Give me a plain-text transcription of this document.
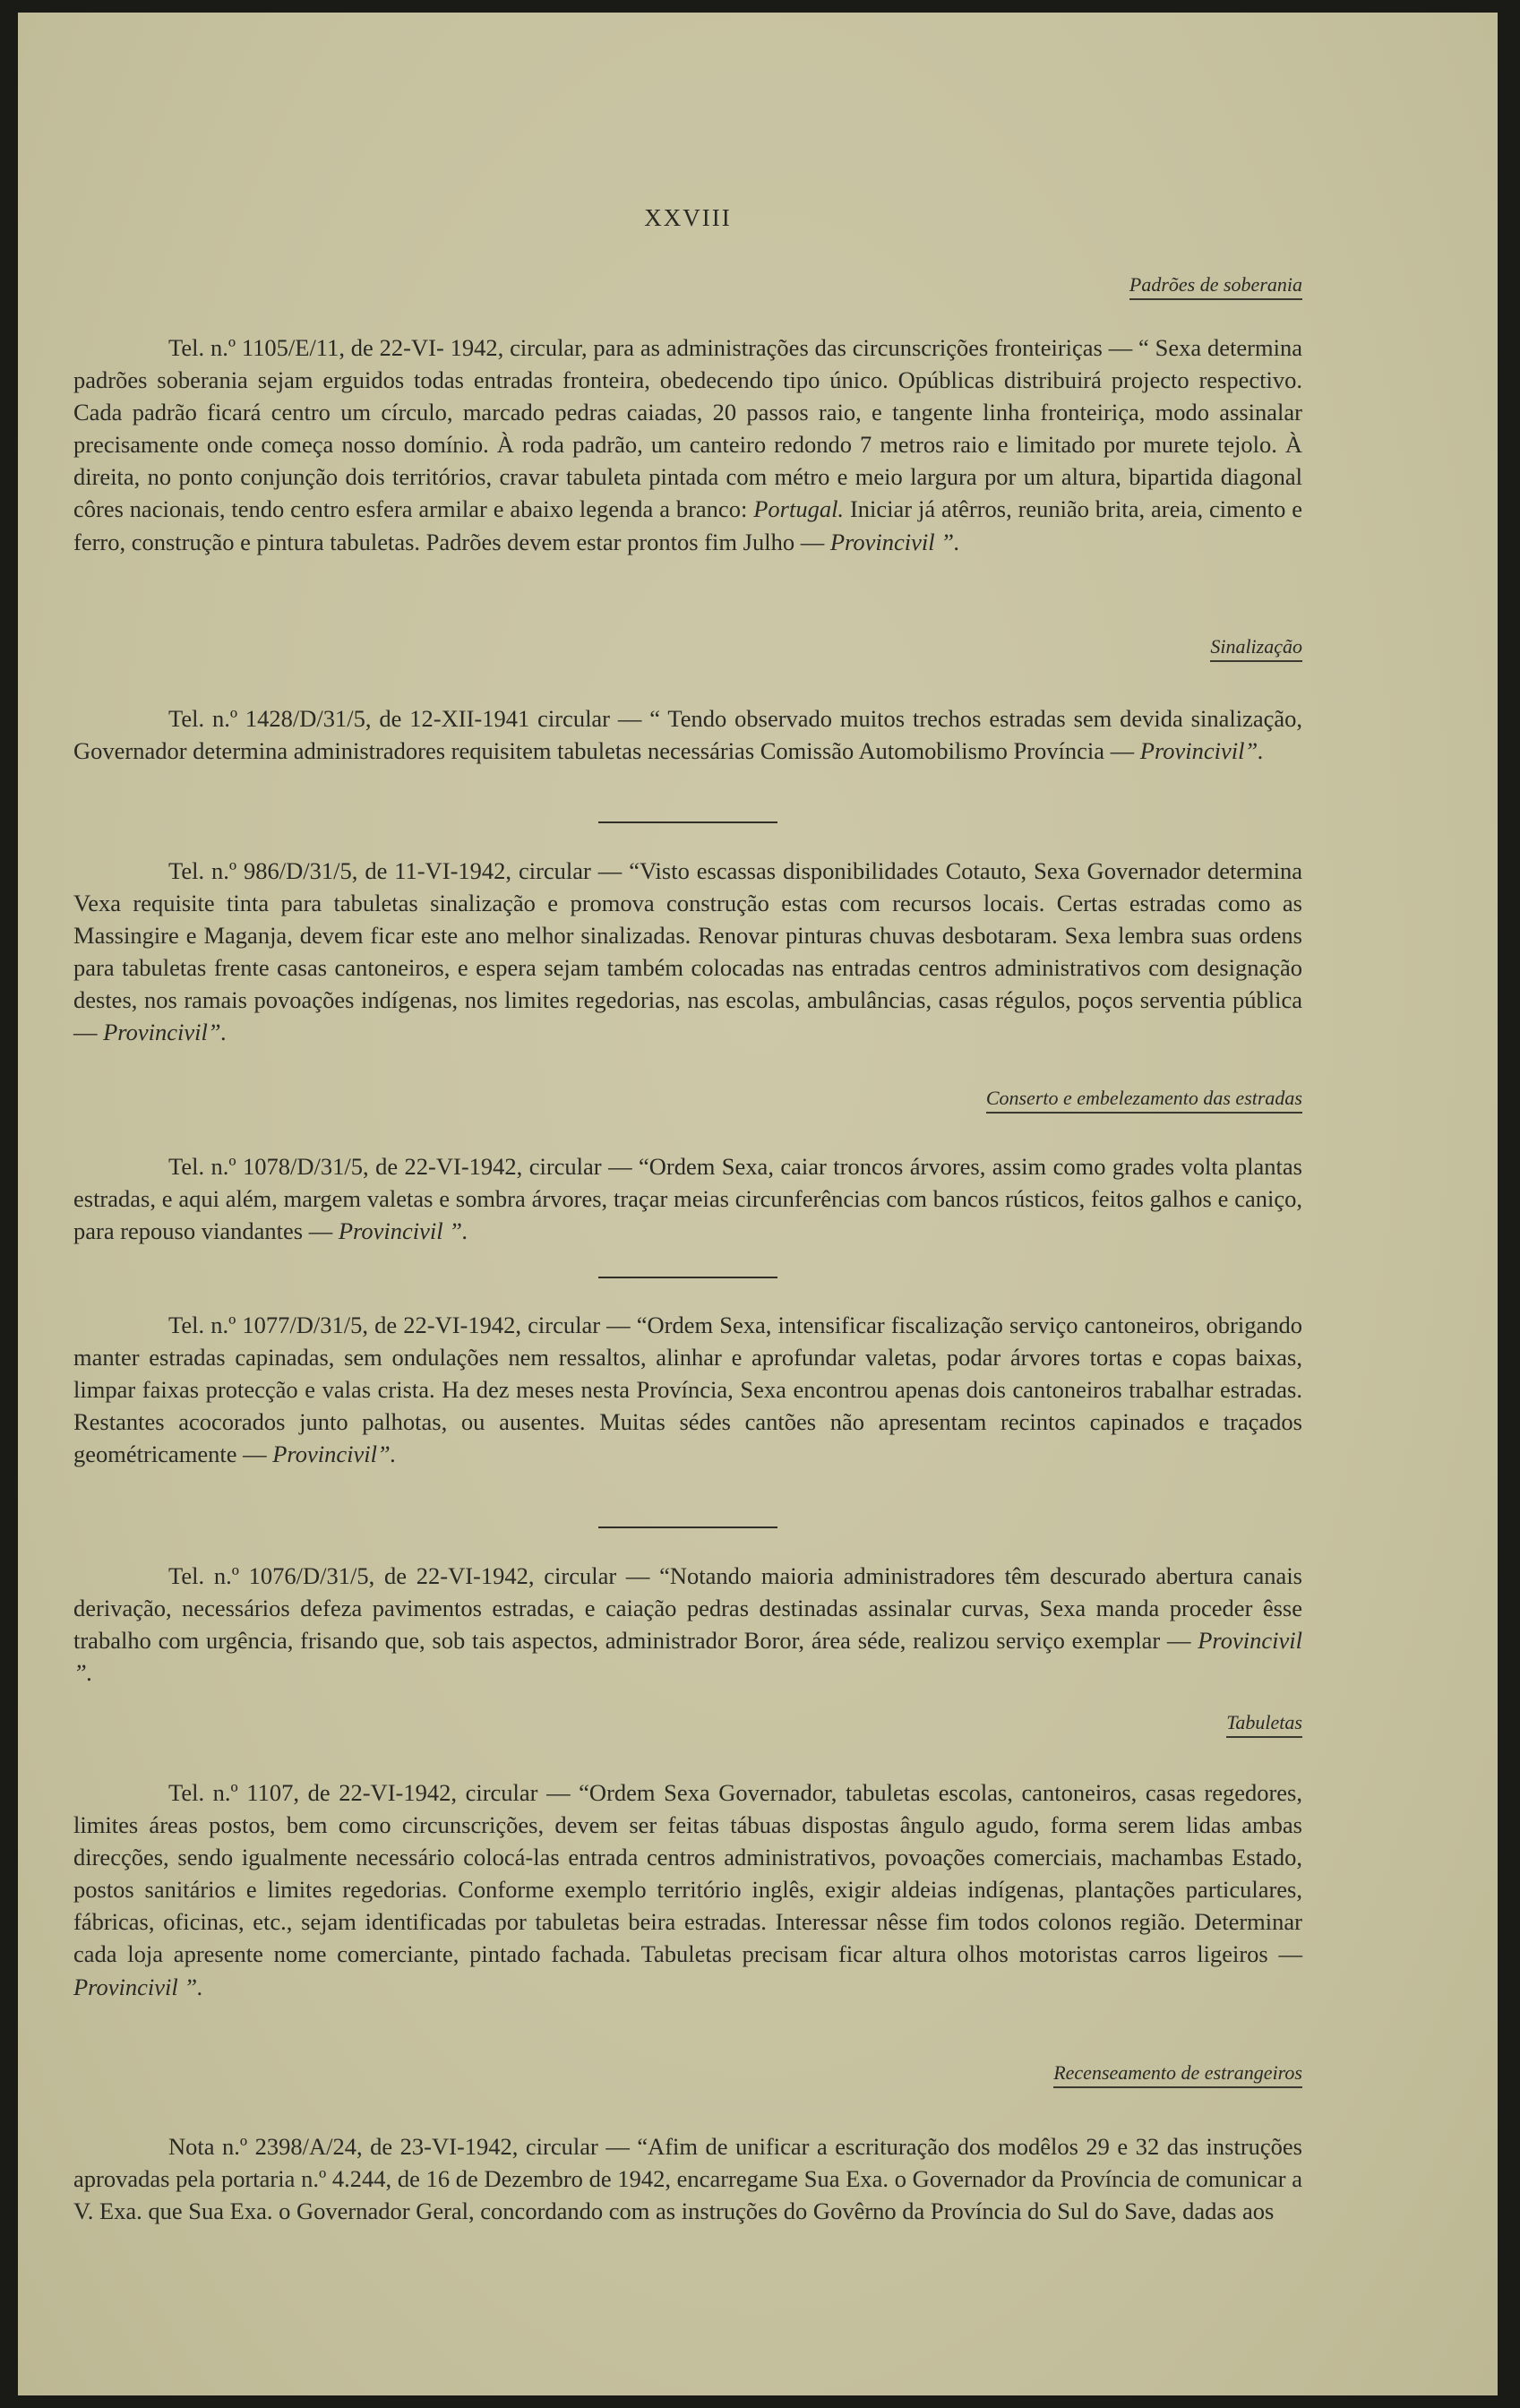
XXVIII
Padrões de soberania

Tel. n.º 1105/E/11, de 22-VI- 1942, circular, para as administrações das circunscrições fronteiriças — “ Sexa determina padrões soberania sejam erguidos todas entradas fronteira, obedecendo tipo único. Opúblicas distribuirá projecto respectivo. Cada padrão ficará centro um círculo, marcado pedras caiadas, 20 passos raio, e tangente linha fronteiriça, modo assinalar precisamente onde começa nosso domínio. À roda padrão, um canteiro redondo 7 metros raio e limitado por murete tejolo. À direita, no ponto conjunção dois territórios, cravar tabuleta pintada com métro e meio largura por um altura, bipartida diagonal côres nacionais, tendo centro esfera armilar e abaixo legenda a branco: Portugal. Iniciar já atêrros, reunião brita, areia, cimento e ferro, construção e pintura tabuletas. Padrões devem estar prontos fim Julho — Provincivil ”.

Sinalização

Tel. n.º 1428/D/31/5, de 12-XII-1941 circular — “ Tendo observado muitos trechos estradas sem devida sinalização, Governador determina administradores requisitem tabuletas necessárias Comissão Automobilismo Província — Provincivil”.

Tel. n.º 986/D/31/5, de 11-VI-1942, circular — “Visto escassas disponibilidades Cotauto, Sexa Governador determina Vexa requisite tinta para tabuletas sinalização e promova construção estas com recursos locais. Certas estradas como as Massingire e Maganja, devem ficar este ano melhor sinalizadas. Renovar pinturas chuvas desbotaram. Sexa lembra suas ordens para tabuletas frente casas cantoneiros, e espera sejam também colocadas nas entradas centros administrativos com designação destes, nos ramais povoações indígenas, nos limites regedorias, nas escolas, ambulâncias, casas régulos, poços serventia pública — Provincivil”.

Conserto e embelezamento das estradas

Tel. n.º 1078/D/31/5, de 22-VI-1942, circular — “Ordem Sexa, caiar troncos árvores, assim como grades volta plantas estradas, e aqui além, margem valetas e sombra árvores, traçar meias circunferências com bancos rústicos, feitos galhos e caniço, para repouso viandantes — Provincivil ”.

Tel. n.º 1077/D/31/5, de 22-VI-1942, circular — “Ordem Sexa, intensificar fiscalização serviço cantoneiros, obrigando manter estradas capinadas, sem ondulações nem ressaltos, alinhar e aprofundar valetas, podar árvores tortas e copas baixas, limpar faixas protecção e valas crista. Ha dez meses nesta Província, Sexa encontrou apenas dois cantoneiros trabalhar estradas. Restantes acocorados junto palhotas, ou ausentes. Muitas sédes cantões não apresentam recintos capinados e traçados geométricamente — Provincivil”.

Tel. n.º 1076/D/31/5, de 22-VI-1942, circular — “Notando maioria administradores têm descurado abertura canais derivação, necessários defeza pavimentos estradas, e caiação pedras destinadas assinalar curvas, Sexa manda proceder êsse trabalho com urgência, frisando que, sob tais aspectos, administrador Boror, área séde, realizou serviço exemplar — Provincivil ”.

Tabuletas

Tel. n.º 1107, de 22-VI-1942, circular — “Ordem Sexa Governador, tabuletas escolas, cantoneiros, casas regedores, limites áreas postos, bem como circunscrições, devem ser feitas tábuas dispostas ângulo agudo, forma serem lidas ambas direcções, sendo igualmente necessário colocá-las entrada centros administrativos, povoações comerciais, machambas Estado, postos sanitários e limites regedorias. Conforme exemplo território inglês, exigir aldeias indígenas, plantações particulares, fábricas, oficinas, etc., sejam identificadas por tabuletas beira estradas. Interessar nêsse fim todos colonos região. Determinar cada loja apresente nome comerciante, pintado fachada. Tabuletas precisam ficar altura olhos motoristas carros ligeiros — Provincivil ”.

Recenseamento de estrangeiros

Nota n.º 2398/A/24, de 23-VI-1942, circular — “Afim de unificar a escrituração dos modêlos 29 e 32 das instruções aprovadas pela portaria n.º 4.244, de 16 de Dezembro de 1942, encarregame Sua Exa. o Governador da Província de comunicar a V. Exa. que Sua Exa. o Governador Geral, concordando com as instruções do Govêrno da Província do Sul do Save, dadas aos
